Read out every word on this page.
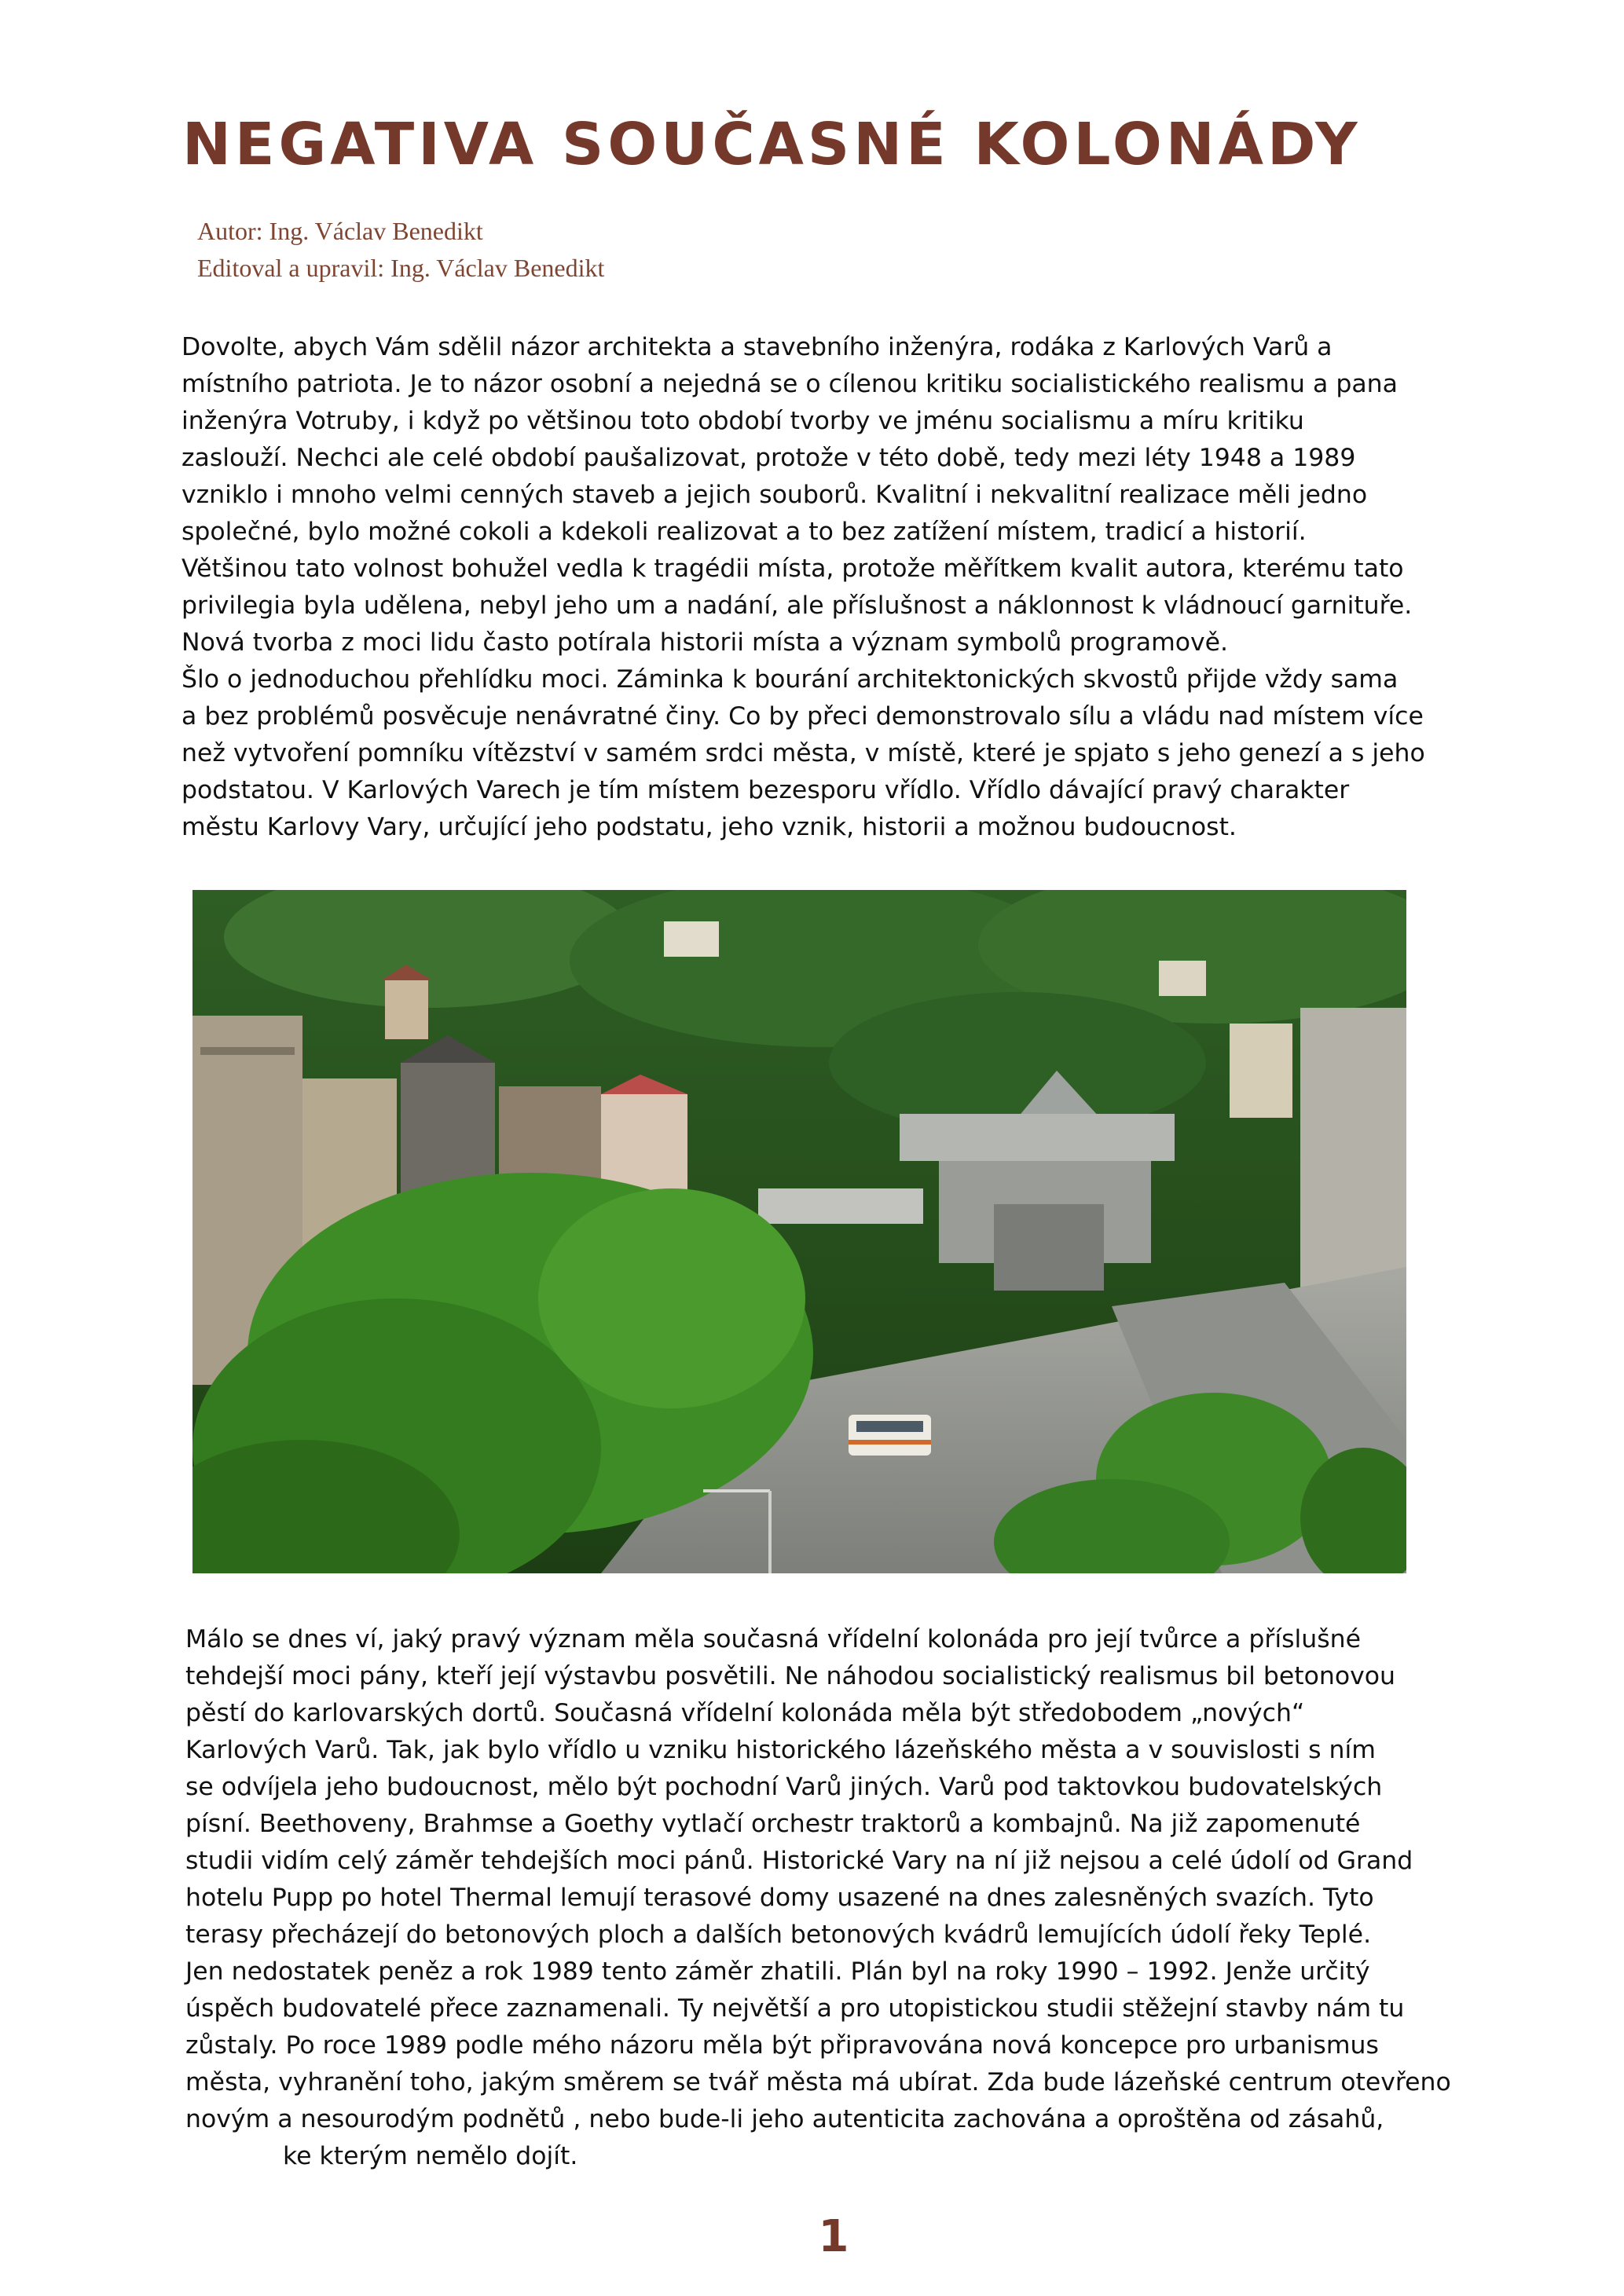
NEGATIVA SOUČASNÉ KOLONÁDY
Autor: Ing. Václav Benedikt
Editoval a upravil: Ing. Václav Benedikt
Dovolte, abych Vám sdělil názor architekta a stavebního inženýra, rodáka z Karlových Varů a
místního patriota. Je to názor osobní a nejedná se o cílenou kritiku socialistického realismu a pana
inženýra Votruby, i když po většinou toto období tvorby ve jménu socialismu a míru kritiku
zaslouží. Nechci ale celé období paušalizovat, protože v této době, tedy mezi léty 1948 a 1989
vzniklo i mnoho velmi cenných staveb a jejich souborů. Kvalitní i nekvalitní realizace měli jedno
společné, bylo možné cokoli a kdekoli realizovat a to bez zatížení místem, tradicí a historií.
Většinou tato volnost bohužel vedla k tragédii místa, protože měřítkem kvalit autora, kterému tato
privilegia byla udělena, nebyl jeho um a nadání, ale příslušnost a náklonnost k vládnoucí garnituře.
Nová tvorba z moci lidu často potírala historii místa a význam symbolů programově.
Šlo o jednoduchou přehlídku moci. Záminka k bourání architektonických skvostů přijde vždy sama
a bez problémů posvěcuje nenávratné činy. Co by přeci demonstrovalo sílu a vládu nad místem více
než vytvoření pomníku vítězství v samém srdci města, v místě, které je spjato s jeho genezí a s jeho
podstatou. V Karlových Varech je tím místem bezesporu vřídlo. Vřídlo dávající pravý charakter
městu Karlovy Vary, určující jeho podstatu, jeho vznik, historii a možnou budoucnost.
Málo se dnes ví, jaký pravý význam měla současná vřídelní kolonáda pro její tvůrce a příslušné
tehdejší moci pány, kteří její výstavbu posvětili. Ne náhodou socialistický realismus bil betonovou
pěstí do karlovarských dortů. Současná vřídelní kolonáda měla být středobodem „nových“
Karlových Varů. Tak, jak bylo vřídlo u vzniku historického lázeňského města a v souvislosti s ním
se odvíjela jeho budoucnost, mělo být pochodní Varů jiných. Varů pod taktovkou budovatelských
písní. Beethoveny, Brahmse a Goethy vytlačí orchestr traktorů a kombajnů. Na již zapomenuté
studii vidím celý záměr tehdejších moci pánů. Historické Vary na ní již nejsou a celé údolí od Grand
hotelu Pupp po hotel Thermal lemují terasové domy usazené na dnes zalesněných svazích. Tyto
terasy přecházejí do betonových ploch a dalších betonových kvádrů lemujících údolí řeky Teplé.
Jen nedostatek peněz a rok 1989 tento záměr zhatili. Plán byl na roky 1990 – 1992. Jenže určitý
úspěch budovatelé přece zaznamenali. Ty největší a pro utopistickou studii stěžejní stavby nám tu
zůstaly. Po roce 1989 podle mého názoru měla být připravována nová koncepce pro urbanismus
města, vyhranění toho, jakým směrem se tvář města má ubírat. Zda bude lázeňské centrum otevřeno
novým a nesourodým podnětů , nebo bude-li jeho autenticita zachována a oproštěna od zásahů,
ke kterým nemělo dojít.
1
